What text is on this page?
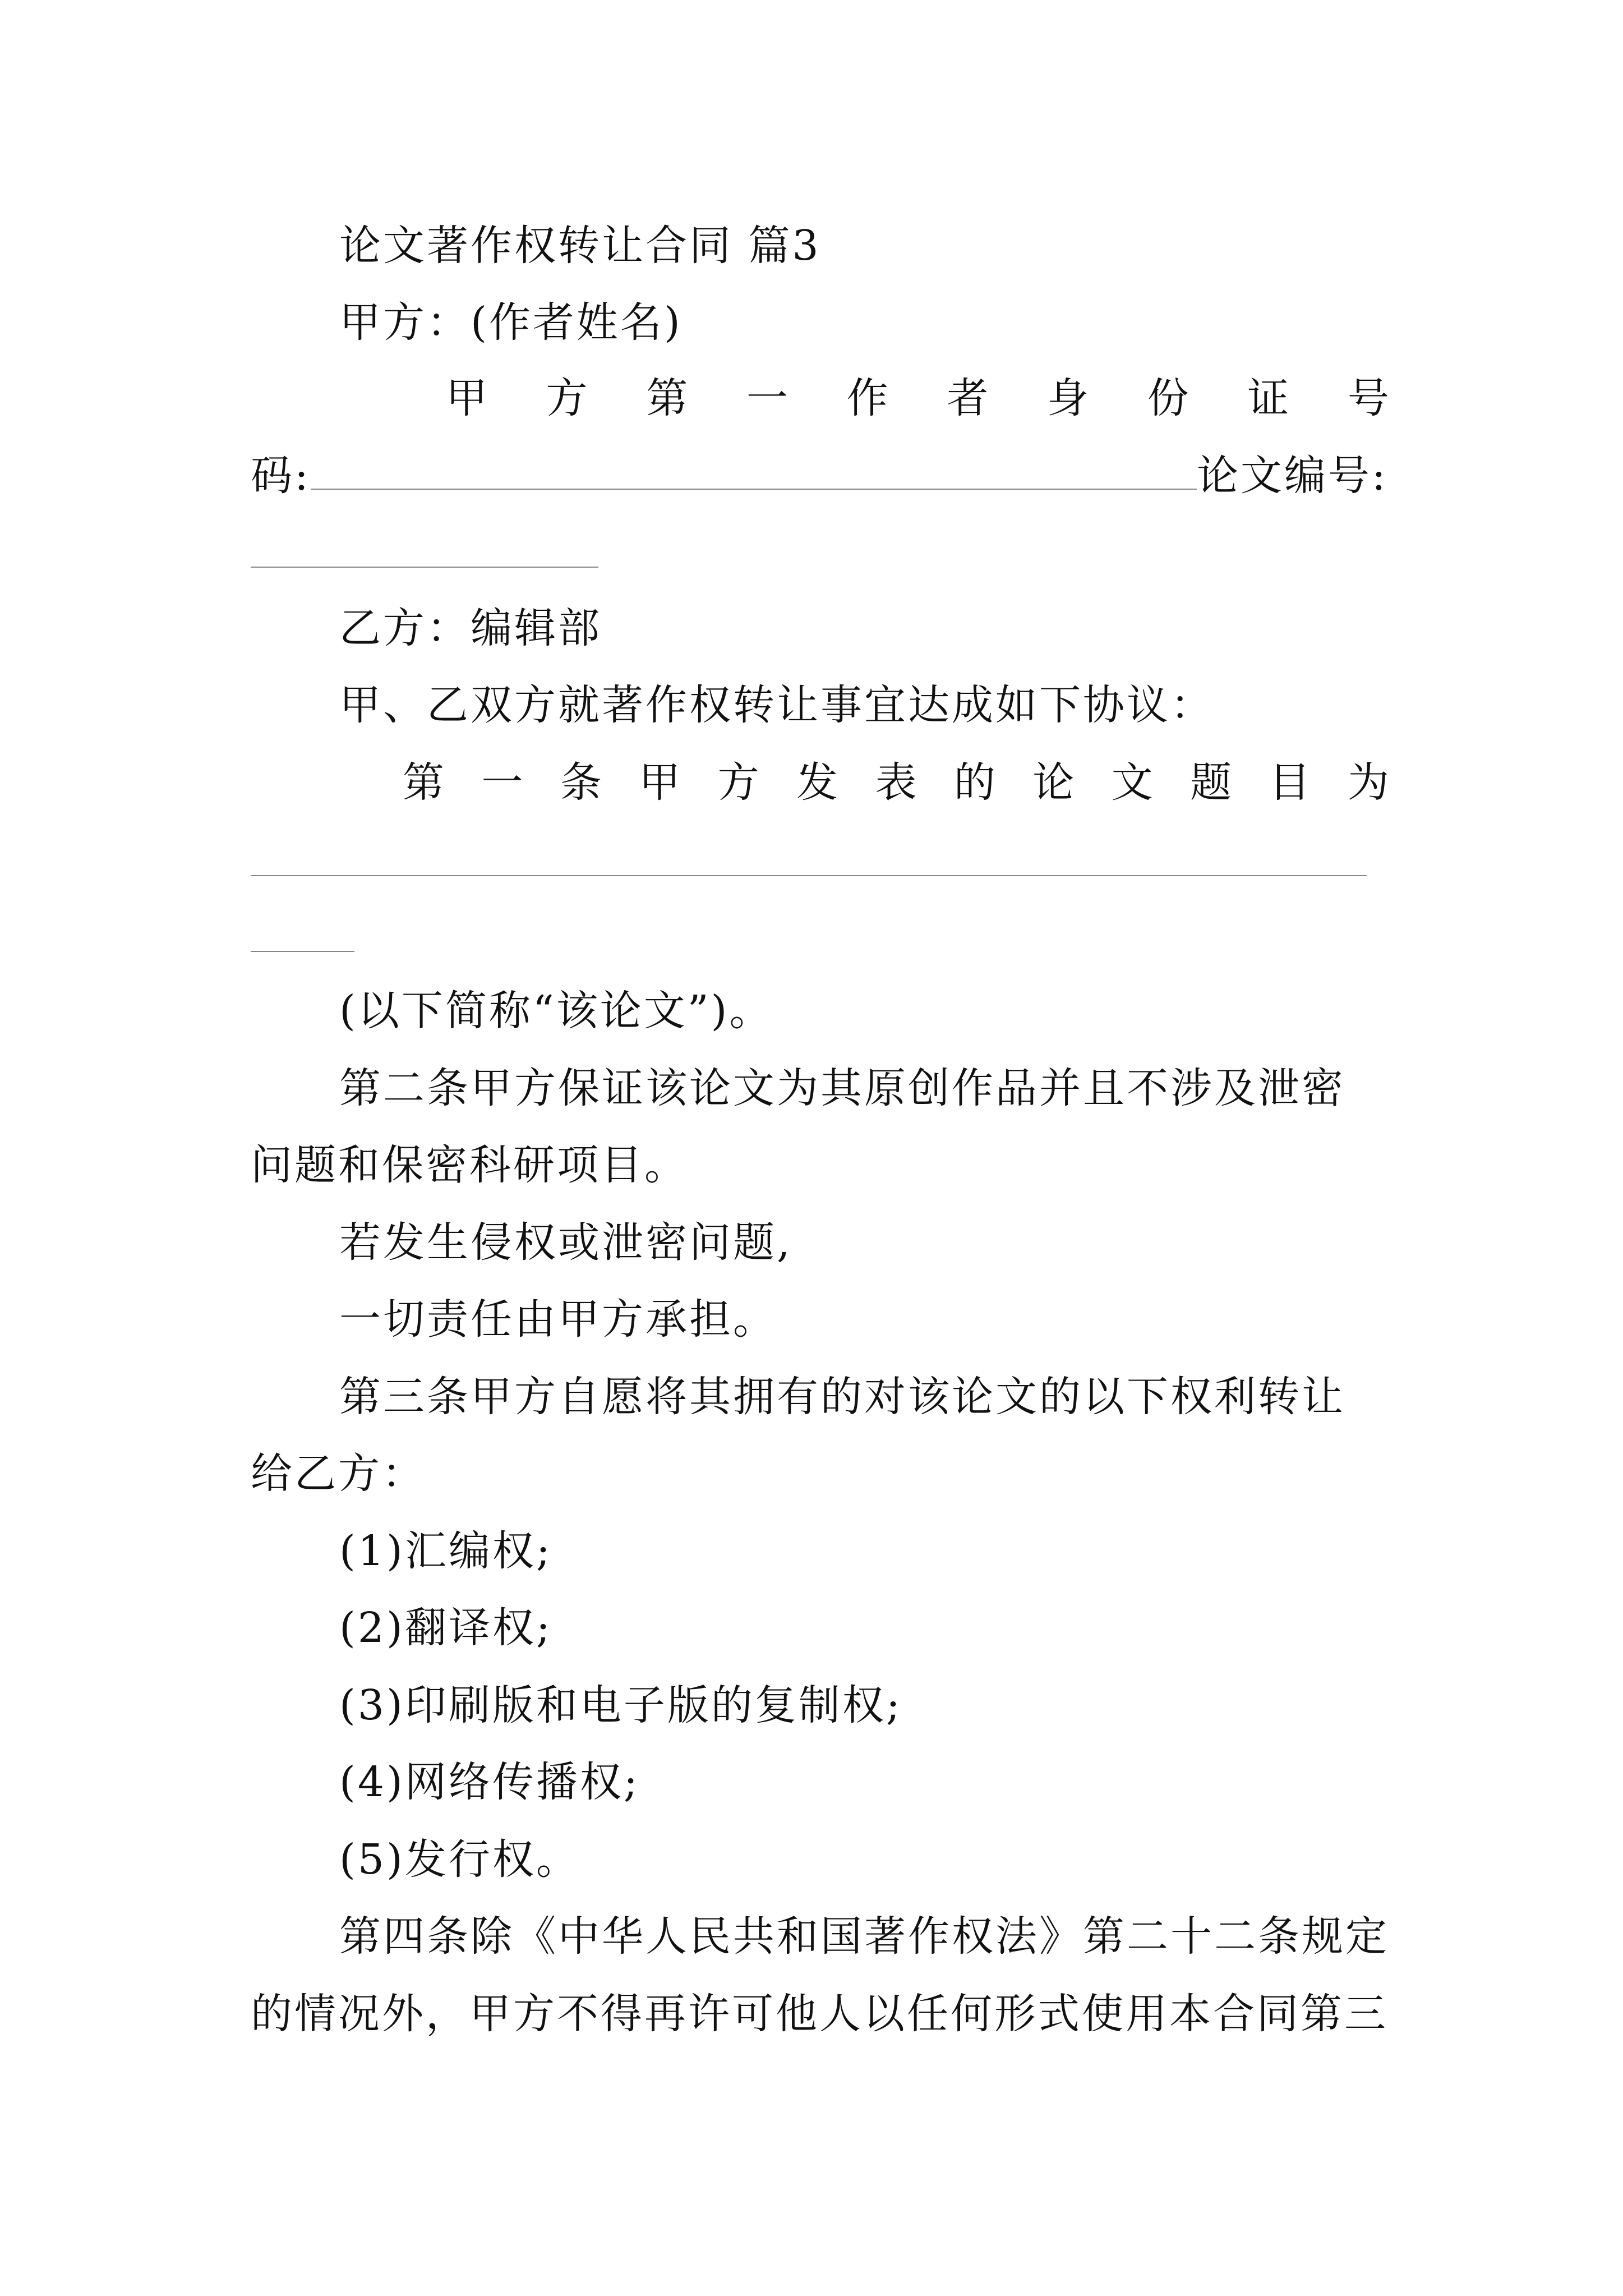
论文著作权转让合同 篇3
甲方：(作者姓名)
甲 方 第 一 作 者 身 份 证 号
码:	论文编号:
乙方：编辑部
甲、乙双方就著作权转让事宜达成如下协议：
第 一 条 甲 方 发 表 的 论 文 题 目 为
(以下简称“该论文”)。
第二条甲方保证该论文为其原创作品并且不涉及泄密
问题和保密科研项目。
若发生侵权或泄密问题,
一切责任由甲方承担。
第三条甲方自愿将其拥有的对该论文的以下权利转让
给乙方：
(1)汇编权;
(2)翻译权;
(3)印刷版和电子版的复制权;
(4)网络传播权;
(5)发行权。
第四条除《中华人民共和国著作权法》第二十二条规定
的情况外，甲方不得再许可他人以任何形式使用本合同第三
